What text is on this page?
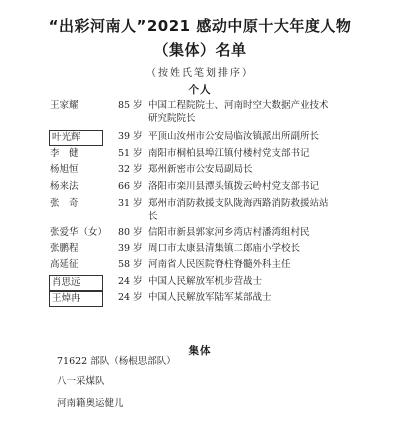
“出彩河南人”2021 感动中原十大年度人物
（集体）名单
（按姓氏笔划排序）
个人
王家耀	85 岁 中国工程院院士、河南时空大数据产业技术
研究院院长
叶光辉	39 岁 平顶山汝州市公安局临汝镇派出所副所长
李　健	51 岁 南阳市桐柏县埠江镇付楼村党支部书记
杨旭恒	32 岁 郑州新密市公安局副局长
杨来法	66 岁 洛阳市栾川县潭头镇拨云岭村党支部书记
张　奇	31 岁 郑州市消防救援支队陇海西路消防救援站站
长
张爱华（女） 80 岁 信阳市新县郭家河乡湾店村潘湾组村民
张鹏程	39 岁 周口市太康县清集镇二郎庙小学校长
高延征	58 岁 河南省人民医院脊柱脊髓外科主任
肖思远	24 岁 中国人民解放军机步营战士
王焯冉	24 岁 中国人民解放军陆军某部战士
集体
71622 部队（杨根思部队）
八一采煤队
河南籍奥运健儿
